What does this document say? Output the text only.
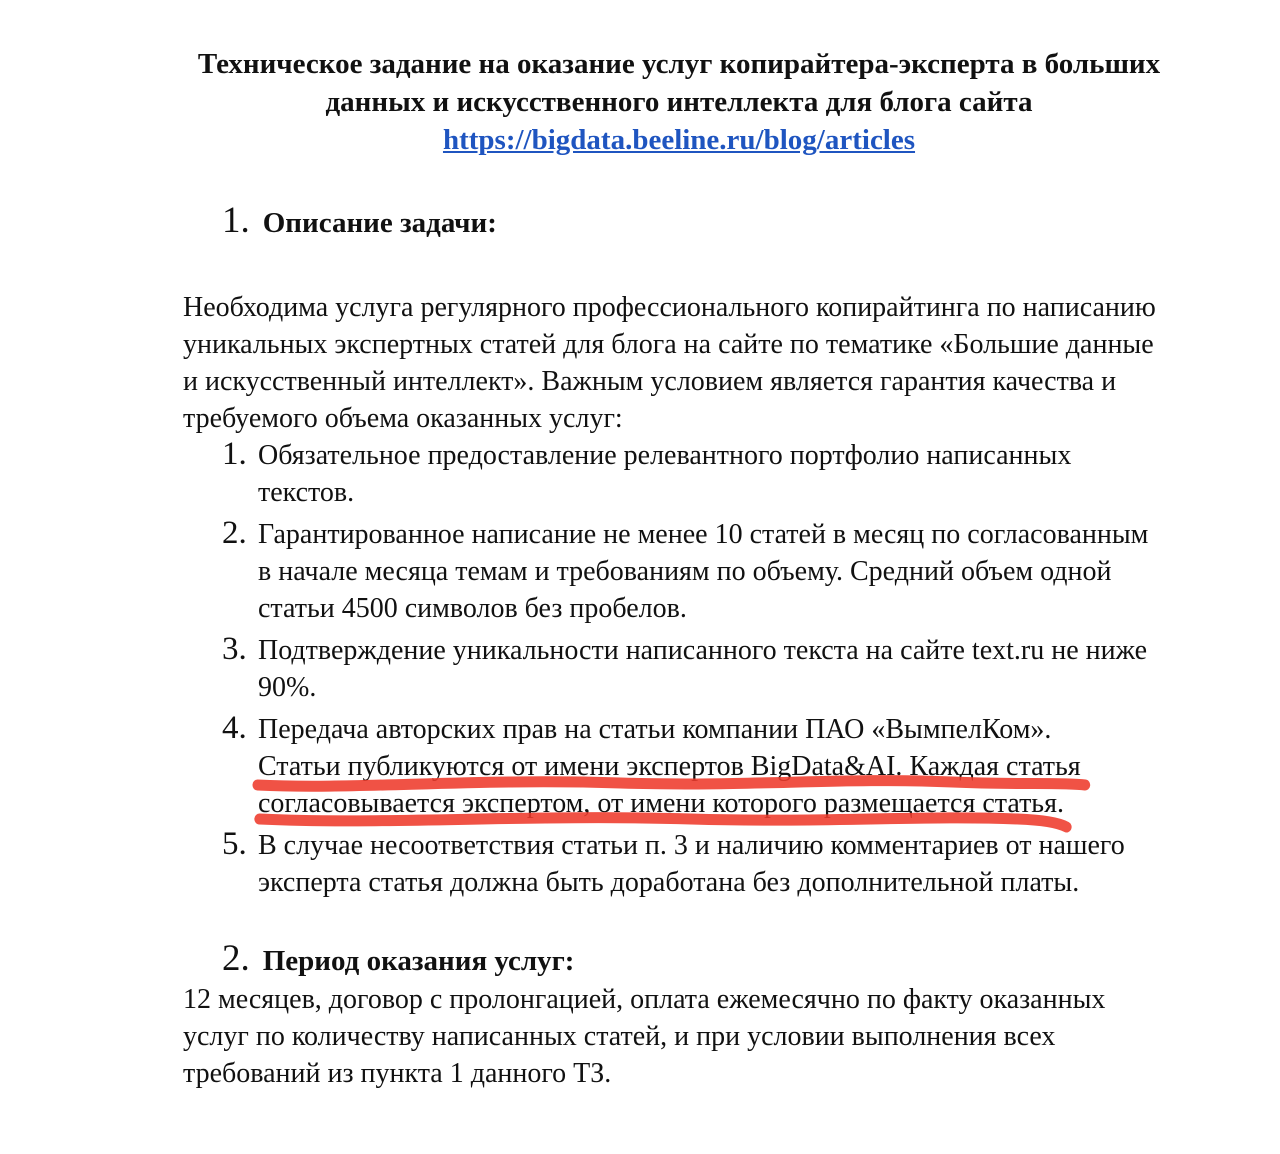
Техническое задание на оказание услуг копирайтера-эксперта в больших
данных и искусственного интеллекта для блога сайта
https://bigdata.beeline.ru/blog/articles
1. Описание задачи:

Необходима услуга регулярного профессионального копирайтинга по написанию уникальных экспертных статей для блога на сайте по тематике «Большие данные и искусственный интеллект». Важным условием является гарантия качества и требуемого объема оказанных услуг:

1. Обязательное предоставление релевантного портфолио написанных текстов.
2. Гарантированное написание не менее 10 статей в месяц по согласованным в начале месяца темам и требованиям по объему. Средний объем одной статьи 4500 символов без пробелов.
3. Подтверждение уникальности написанного текста на сайте text.ru не ниже 90%.
4. Передача авторских прав на статьи компании ПАО «ВымпелКом».
Статьи публикуются от имени экспертов BigData&AI. Каждая статья
согласовывается экспертом, от имени которого размещается статья.
5. В случае несоответствия статьи п. 3 и наличию комментариев от нашего эксперта статья должна быть доработана без дополнительной платы.
2. Период оказания услуг:

12 месяцев, договор с пролонгацией, оплата ежемесячно по факту оказанных услуг по количеству написанных статей, и при условии выполнения всех требований из пункта 1 данного ТЗ.
